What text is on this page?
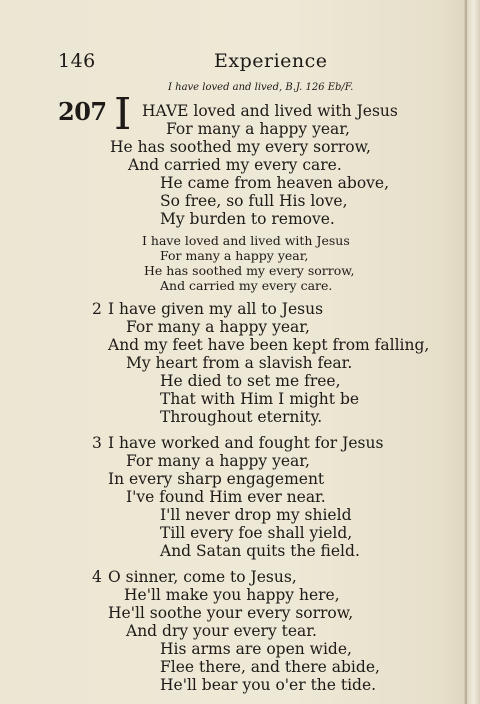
146	Experience
I have loved and lived, B.J. 126 Eb/F.
207 I HAVE loved and lived with Jesus
For many a happy year,
He has soothed my every sorrow,
And carried my every care.
He came from heaven above,
So free, so full His love,
My burden to remove.
I have loved and lived with Jesus
For many a happy year,
He has soothed my every sorrow,
And carried my every care.
2 I have given my all to Jesus
For many a happy year,
And my feet have been kept from falling,
My heart from a slavish fear.
He died to set me free,
That with Him I might be
Throughout eternity.
3 I have worked and fought for Jesus
For many a happy year,
In every sharp engagement
I've found Him ever near.
I'll never drop my shield
Till every foe shall yield,
And Satan quits the field.
4 O sinner, come to Jesus,
He'll make you happy here,
He'll soothe your every sorrow,
And dry your every tear.
His arms are open wide,
Flee there, and there abide,
He'll bear you o'er the tide.
